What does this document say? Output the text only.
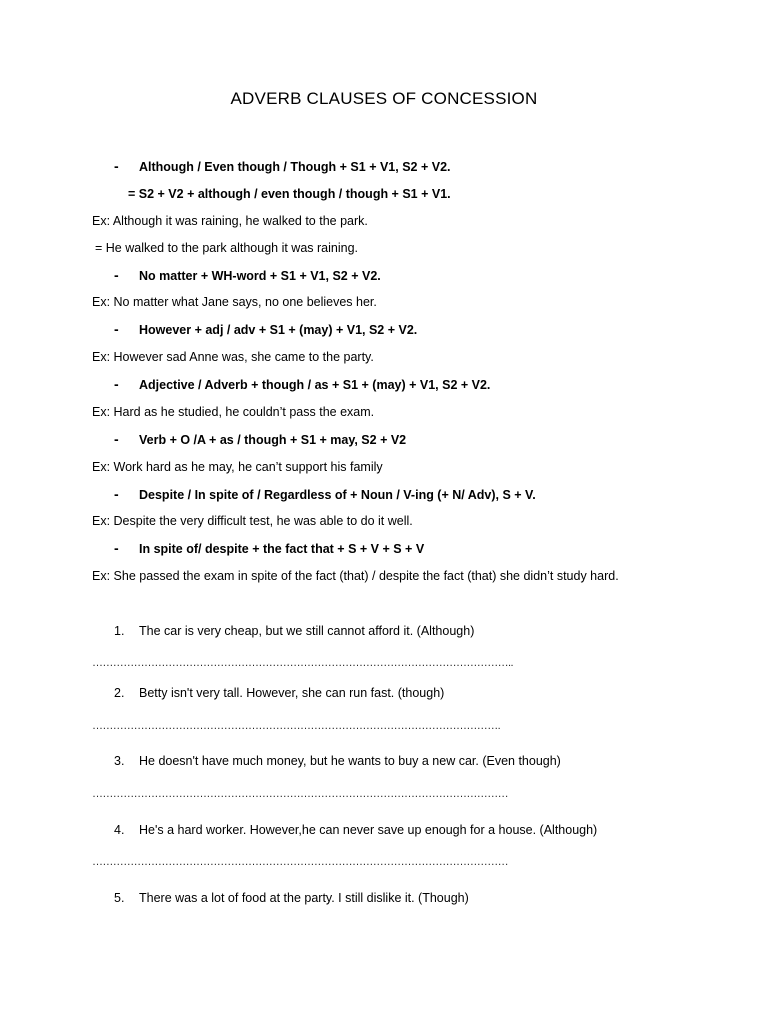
ADVERB CLAUSES OF CONCESSION
- Although / Even though / Though + S1 + V1, S2 + V2.
= S2 + V2 + although / even though / though + S1 + V1.
Ex: Although it was raining, he walked to the park.
= He walked to the park although it was raining.
- No matter + WH-word + S1 + V1, S2 + V2.
Ex: No matter what Jane says, no one believes her.
- However + adj / adv + S1 + (may) + V1, S2 + V2.
Ex: However sad Anne was, she came to the party.
- Adjective / Adverb + though / as + S1 + (may) + V1, S2 + V2.
Ex: Hard as he studied, he couldn’t pass the exam.
- Verb + O /A + as / though + S1 + may, S2 + V2
Ex: Work hard as he may, he can’t support his family
- Despite / In spite of / Regardless of + Noun / V-ing (+ N/ Adv), S + V.
Ex: Despite the very difficult test, he was able to do it well.
- In spite of/ despite + the fact that + S + V + S + V
Ex: She passed the exam in spite of the fact (that) / despite the fact (that) she didn’t study hard.
1. The car is very cheap, but we still cannot afford it. (Although)
…………………………………………………………………………………………………………..
2. Betty isn't very tall. However, she can run fast. (though)
……………………………………………………………………………………………………….
3. He doesn't have much money, but he wants to buy a new car. (Even though)
…………………………………………………………………………………………………………
4. He's a hard worker. However,he can never save up enough for a house. (Although)
…………………………………………………………………………………………………………
5. There was a lot of food at the party. I still dislike it. (Though)
